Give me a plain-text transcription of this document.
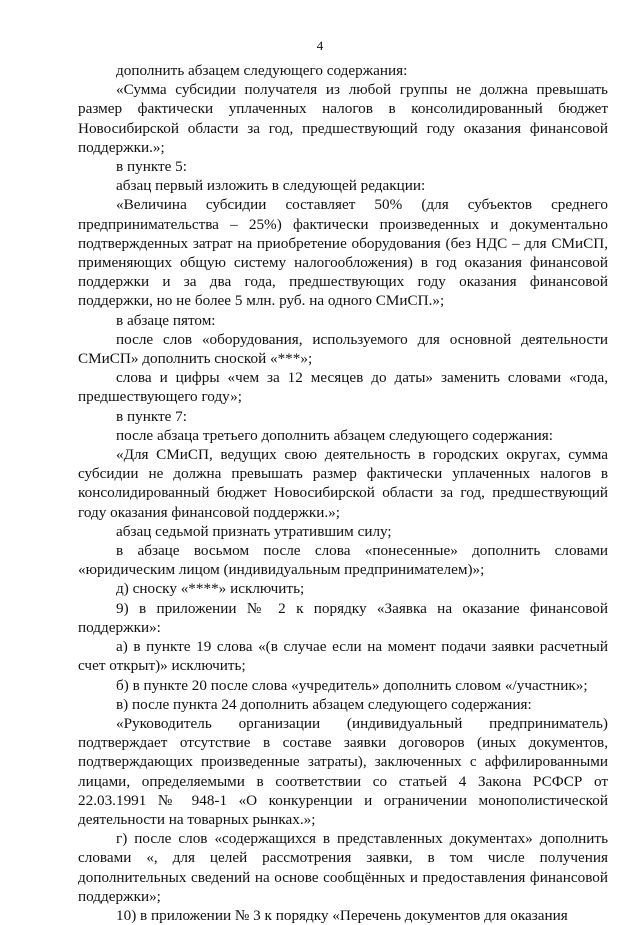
4

дополнить абзацем следующего содержания:

«Сумма субсидии получателя из любой группы не должна превышать размер фактически уплаченных налогов в консолидированный бюджет Новосибирской области за год, предшествующий году оказания финансовой поддержки.»;

в пункте 5:

абзац первый изложить в следующей редакции:

«Величина субсидии составляет 50% (для субъектов среднего предпринимательства – 25%) фактически произведенных и документально подтвержденных затрат на приобретение оборудования (без НДС – для СМиСП, применяющих общую систему налогообложения) в год оказания финансовой поддержки и за два года, предшествующих году оказания финансовой поддержки, но не более 5 млн. руб. на одного СМиСП.»;

в абзаце пятом:

после слов «оборудования, используемого для основной деятельности СМиСП» дополнить сноской «***»;

слова и цифры «чем за 12 месяцев до даты» заменить словами «года, предшествующего году»;

в пункте 7:

после абзаца третьего дополнить абзацем следующего содержания:

«Для СМиСП, ведущих свою деятельность в городских округах, сумма субсидии не должна превышать размер фактически уплаченных налогов в консолидированный бюджет Новосибирской области за год, предшествующий году оказания финансовой поддержки.»;

абзац седьмой признать утратившим силу;

в абзаце восьмом после слова «понесенные» дополнить словами «юридическим лицом (индивидуальным предпринимателем)»;

д) сноску «****» исключить;

9) в приложении № 2 к порядку «Заявка на оказание финансовой поддержки»:

а) в пункте 19 слова «(в случае если на момент подачи заявки расчетный счет открыт)» исключить;

б) в пункте 20 после слова «учредитель» дополнить словом «/участник»;

в) после пункта 24 дополнить абзацем следующего содержания:

«Руководитель организации (индивидуальный предприниматель) подтверждает отсутствие в составе заявки договоров (иных документов, подтверждающих произведенные затраты), заключенных с аффилированными лицами, определяемыми в соответствии со статьей 4 Закона РСФСР от 22.03.1991 № 948-1 «О конкуренции и ограничении монополистической деятельности на товарных рынках.»;

г) после слов «содержащихся в представленных документах» дополнить словами «, для целей рассмотрения заявки, в том числе получения дополнительных сведений на основе сообщённых и предоставления финансовой поддержки»;

10) в приложении № 3 к порядку «Перечень документов для оказания
